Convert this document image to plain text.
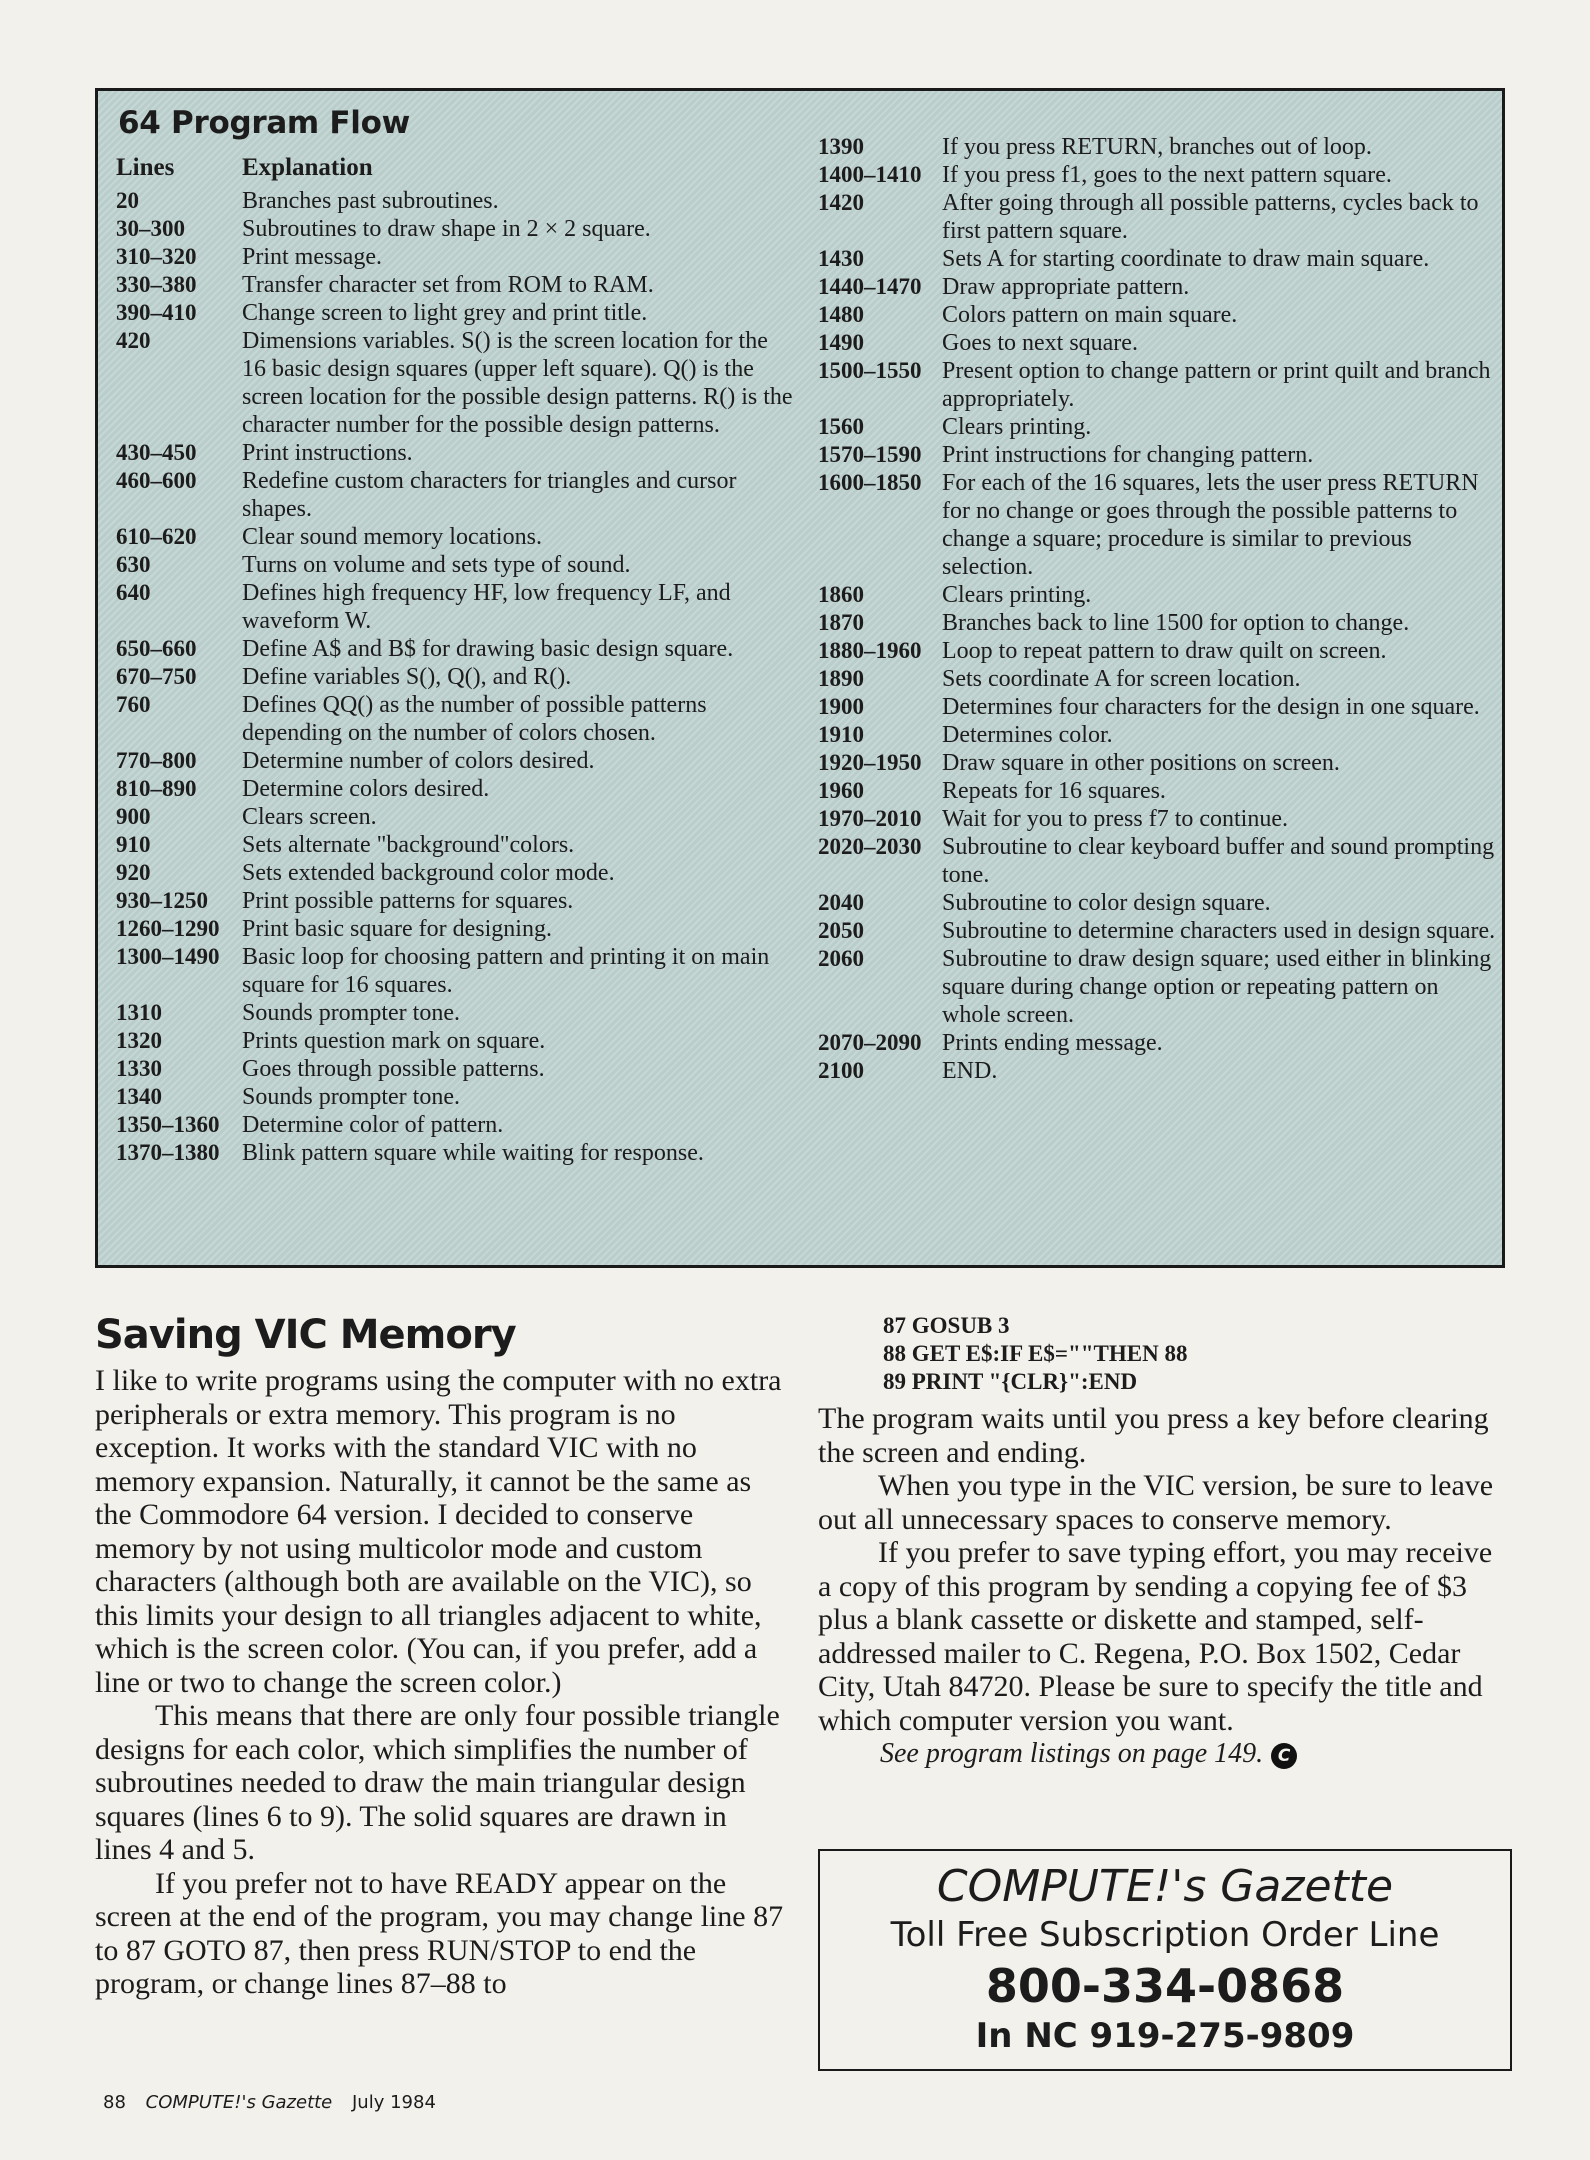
64 Program Flow
Lines	Explanation
20	Branches past subroutines.
30–300	Subroutines to draw shape in 2 × 2 square.
310–320	Print message.
330–380	Transfer character set from ROM to RAM.
390–410	Change screen to light grey and print title.
420	Dimensions variables. S() is the screen location for the 16 basic design squares (upper left square). Q() is the screen location for the possible design patterns. R() is the character number for the possible design patterns.
430–450	Print instructions.
460–600	Redefine custom characters for triangles and cursor shapes.
610–620	Clear sound memory locations.
630	Turns on volume and sets type of sound.
640	Defines high frequency HF, low frequency LF, and waveform W.
650–660	Define A$ and B$ for drawing basic design square.
670–750	Define variables S(), Q(), and R().
760	Defines QQ() as the number of possible patterns depending on the number of colors chosen.
770–800	Determine number of colors desired.
810–890	Determine colors desired.
900	Clears screen.
910	Sets alternate "background"colors.
920	Sets extended background color mode.
930–1250	Print possible patterns for squares.
1260–1290 Print basic square for designing.
1300–1490 Basic loop for choosing pattern and printing it on main square for 16 squares.
1310	Sounds prompter tone.
1320	Prints question mark on square.
1330	Goes through possible patterns.
1340	Sounds prompter tone.
1350–1360 Determine color of pattern.
1370–1380 Blink pattern square while waiting for response.
1390	If you press RETURN, branches out of loop.
1400–1410 If you press f1, goes to the next pattern square.
1420	After going through all possible patterns, cycles back to first pattern square.
1430	Sets A for starting coordinate to draw main square.
1440–1470 Draw appropriate pattern.
1480	Colors pattern on main square.
1490	Goes to next square.
1500–1550 Present option to change pattern or print quilt and branch appropriately.
1560	Clears printing.
1570–1590 Print instructions for changing pattern.
1600–1850 For each of the 16 squares, lets the user press RETURN for no change or goes through the possible patterns to change a square; procedure is similar to previous selection.
1860	Clears printing.
1870	Branches back to line 1500 for option to change.
1880–1960 Loop to repeat pattern to draw quilt on screen.
1890	Sets coordinate A for screen location.
1900	Determines four characters for the design in one square.
1910	Determines color.
1920–1950 Draw square in other positions on screen.
1960	Repeats for 16 squares.
1970–2010 Wait for you to press f7 to continue.
2020–2030 Subroutine to clear keyboard buffer and sound prompting tone.
2040	Subroutine to color design square.
2050	Subroutine to determine characters used in design square.
2060	Subroutine to draw design square; used either in blinking square during change option or repeating pattern on whole screen.
2070–2090 Prints ending message.
2100	END.
Saving VIC Memory

I like to write programs using the computer with no extra peripherals or extra memory. This program is no exception. It works with the standard VIC with no memory expansion. Naturally, it cannot be the same as the Commodore 64 version. I decided to conserve memory by not using multicolor mode and custom characters (although both are available on the VIC), so this limits your design to all triangles adjacent to white, which is the screen color. (You can, if you prefer, add a line or two to change the screen color.)

This means that there are only four possible triangle designs for each color, which simplifies the number of subroutines needed to draw the main triangular design squares (lines 6 to 9). The solid squares are drawn in lines 4 and 5.

If you prefer not to have READY appear on the screen at the end of the program, you may change line 87 to 87 GOTO 87, then press RUN/STOP to end the program, or change lines 87–88 to

87 GOSUB 3
88 GET E$:IF E$=""THEN 88
89 PRINT "{CLR}":END

The program waits until you press a key before clearing the screen and ending.

When you type in the VIC version, be sure to leave out all unnecessary spaces to conserve memory.

If you prefer to save typing effort, you may receive a copy of this program by sending a copying fee of $3 plus a blank cassette or diskette and stamped, self-addressed mailer to C. Regena, P.O. Box 1502, Cedar City, Utah 84720. Please be sure to specify the title and which computer version you want.

See program listings on page 149. C

COMPUTE!'s Gazette
Toll Free Subscription Order Line
800-334-0868
In NC 919-275-9809
88 COMPUTE!'s Gazette July 1984
